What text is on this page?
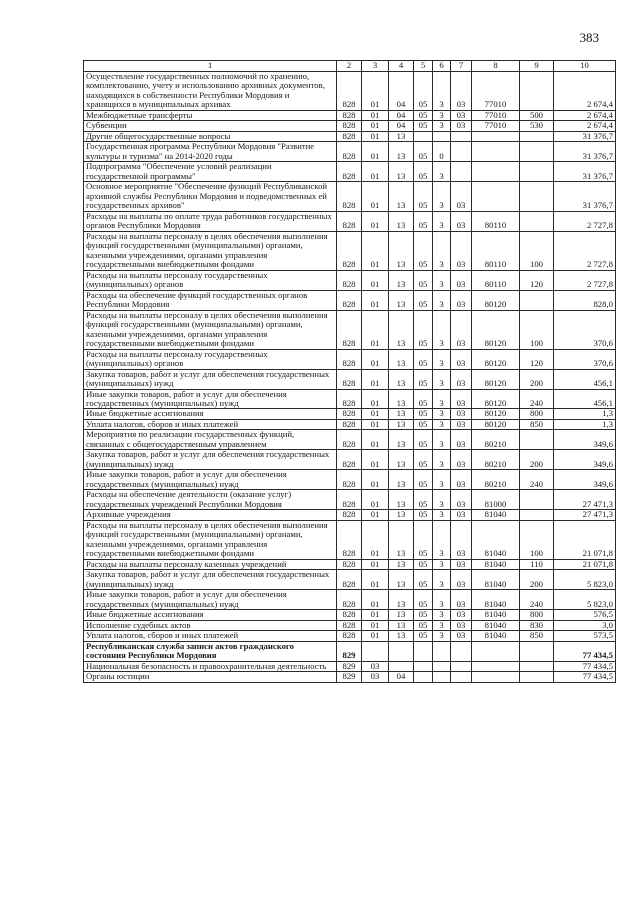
383
1	2	3	4	5	6	7	8	9	10
Осуществление государственных полномочий по хранению, комплектованию, учету и использованию архивных документов, находящихся в собственности Республики Мордовия и хранящихся в муниципальных архивах	828	01	04	05	3	03	77010		2 674,4
Межбюджетные трансферты	828	01	04	05	3	03	77010	500	2 674,4
Субвенции	828	01	04	05	3	03	77010	530	2 674,4
Другие общегосударственные вопросы	828	01	13						31 376,7
Государственная программа Республики Мордовия "Развитие культуры и туризма" на 2014-2020 годы	828	01	13	05	0				31 376,7
Подпрограмма "Обеспечение условий реализации государственной программы"	828	01	13	05	3				31 376,7
Основное мероприятие "Обеспечение функций Республиканской архивной службы Республики Мордовия и подведомственных ей государственных архивов"	828	01	13	05	3	03			31 376,7
Расходы на выплаты по оплате труда работников государственных органов Республики Мордовия	828	01	13	05	3	03	80110		2 727,8
Расходы на выплаты персоналу в целях обеспечения выполнения функций государственными (муниципальными) органами, казенными учреждениями, органами управления государственными внебюджетными фондами	828	01	13	05	3	03	80110	100	2 727,8
Расходы на выплаты персоналу государственных (муниципальных) органов	828	01	13	05	3	03	80110	120	2 727,8
Расходы на обеспечение функций государственных органов Республики Мордовия	828	01	13	05	3	03	80120		828,0
Расходы на выплаты персоналу в целях обеспечения выполнения функций государственными (муниципальными) органами, казенными учреждениями, органами управления государственными внебюджетными фондами	828	01	13	05	3	03	80120	100	370,6
Расходы на выплаты персоналу государственных (муниципальных) органов	828	01	13	05	3	03	80120	120	370,6
Закупка товаров, работ и услуг для обеспечения государственных (муниципальных) нужд	828	01	13	05	3	03	80120	200	456,1
Иные закупки товаров, работ и услуг для обеспечения государственных (муниципальных) нужд	828	01	13	05	3	03	80120	240	456,1
Иные бюджетные ассигнования	828	01	13	05	3	03	80120	800	1,3
Уплата налогов, сборов и иных платежей	828	01	13	05	3	03	80120	850	1,3
Мероприятия по реализации государственных функций, связанных с общегосударственным управлением	828	01	13	05	3	03	80210		349,6
Закупка товаров, работ и услуг для обеспечения государственных (муниципальных) нужд	828	01	13	05	3	03	80210	200	349,6
Иные закупки товаров, работ и услуг для обеспечения государственных (муниципальных) нужд	828	01	13	05	3	03	80210	240	349,6
Расходы на обеспечение деятельности (оказание услуг) государственных учреждений Республики Мордовия	828	01	13	05	3	03	81000		27 471,3
Архивные учреждения	828	01	13	05	3	03	81040		27 471,3
Расходы на выплаты персоналу в целях обеспечения выполнения функций государственными (муниципальными) органами, казенными учреждениями, органами управления государственными внебюджетными фондами	828	01	13	05	3	03	81040	100	21 071,8
Расходы на выплаты персоналу казенных учреждений	828	01	13	05	3	03	81040	110	21 071,8
Закупка товаров, работ и услуг для обеспечения государственных (муниципальных) нужд	828	01	13	05	3	03	81040	200	5 823,0
Иные закупки товаров, работ и услуг для обеспечения государственных (муниципальных) нужд	828	01	13	05	3	03	81040	240	5 823,0
Иные бюджетные ассигнования	828	01	13	05	3	03	81040	800	576,5
Исполнение судебных актов	828	01	13	05	3	03	81040	830	3,0
Уплата налогов, сборов и иных платежей	828	01	13	05	3	03	81040	850	573,5
Республиканская служба записи актов гражданского состояния Республики Мордовия	829								77 434,5
Национальная безопасность и правоохранительная деятельность	829	03							77 434,5
Органы юстиции	829	03	04						77 434,5
